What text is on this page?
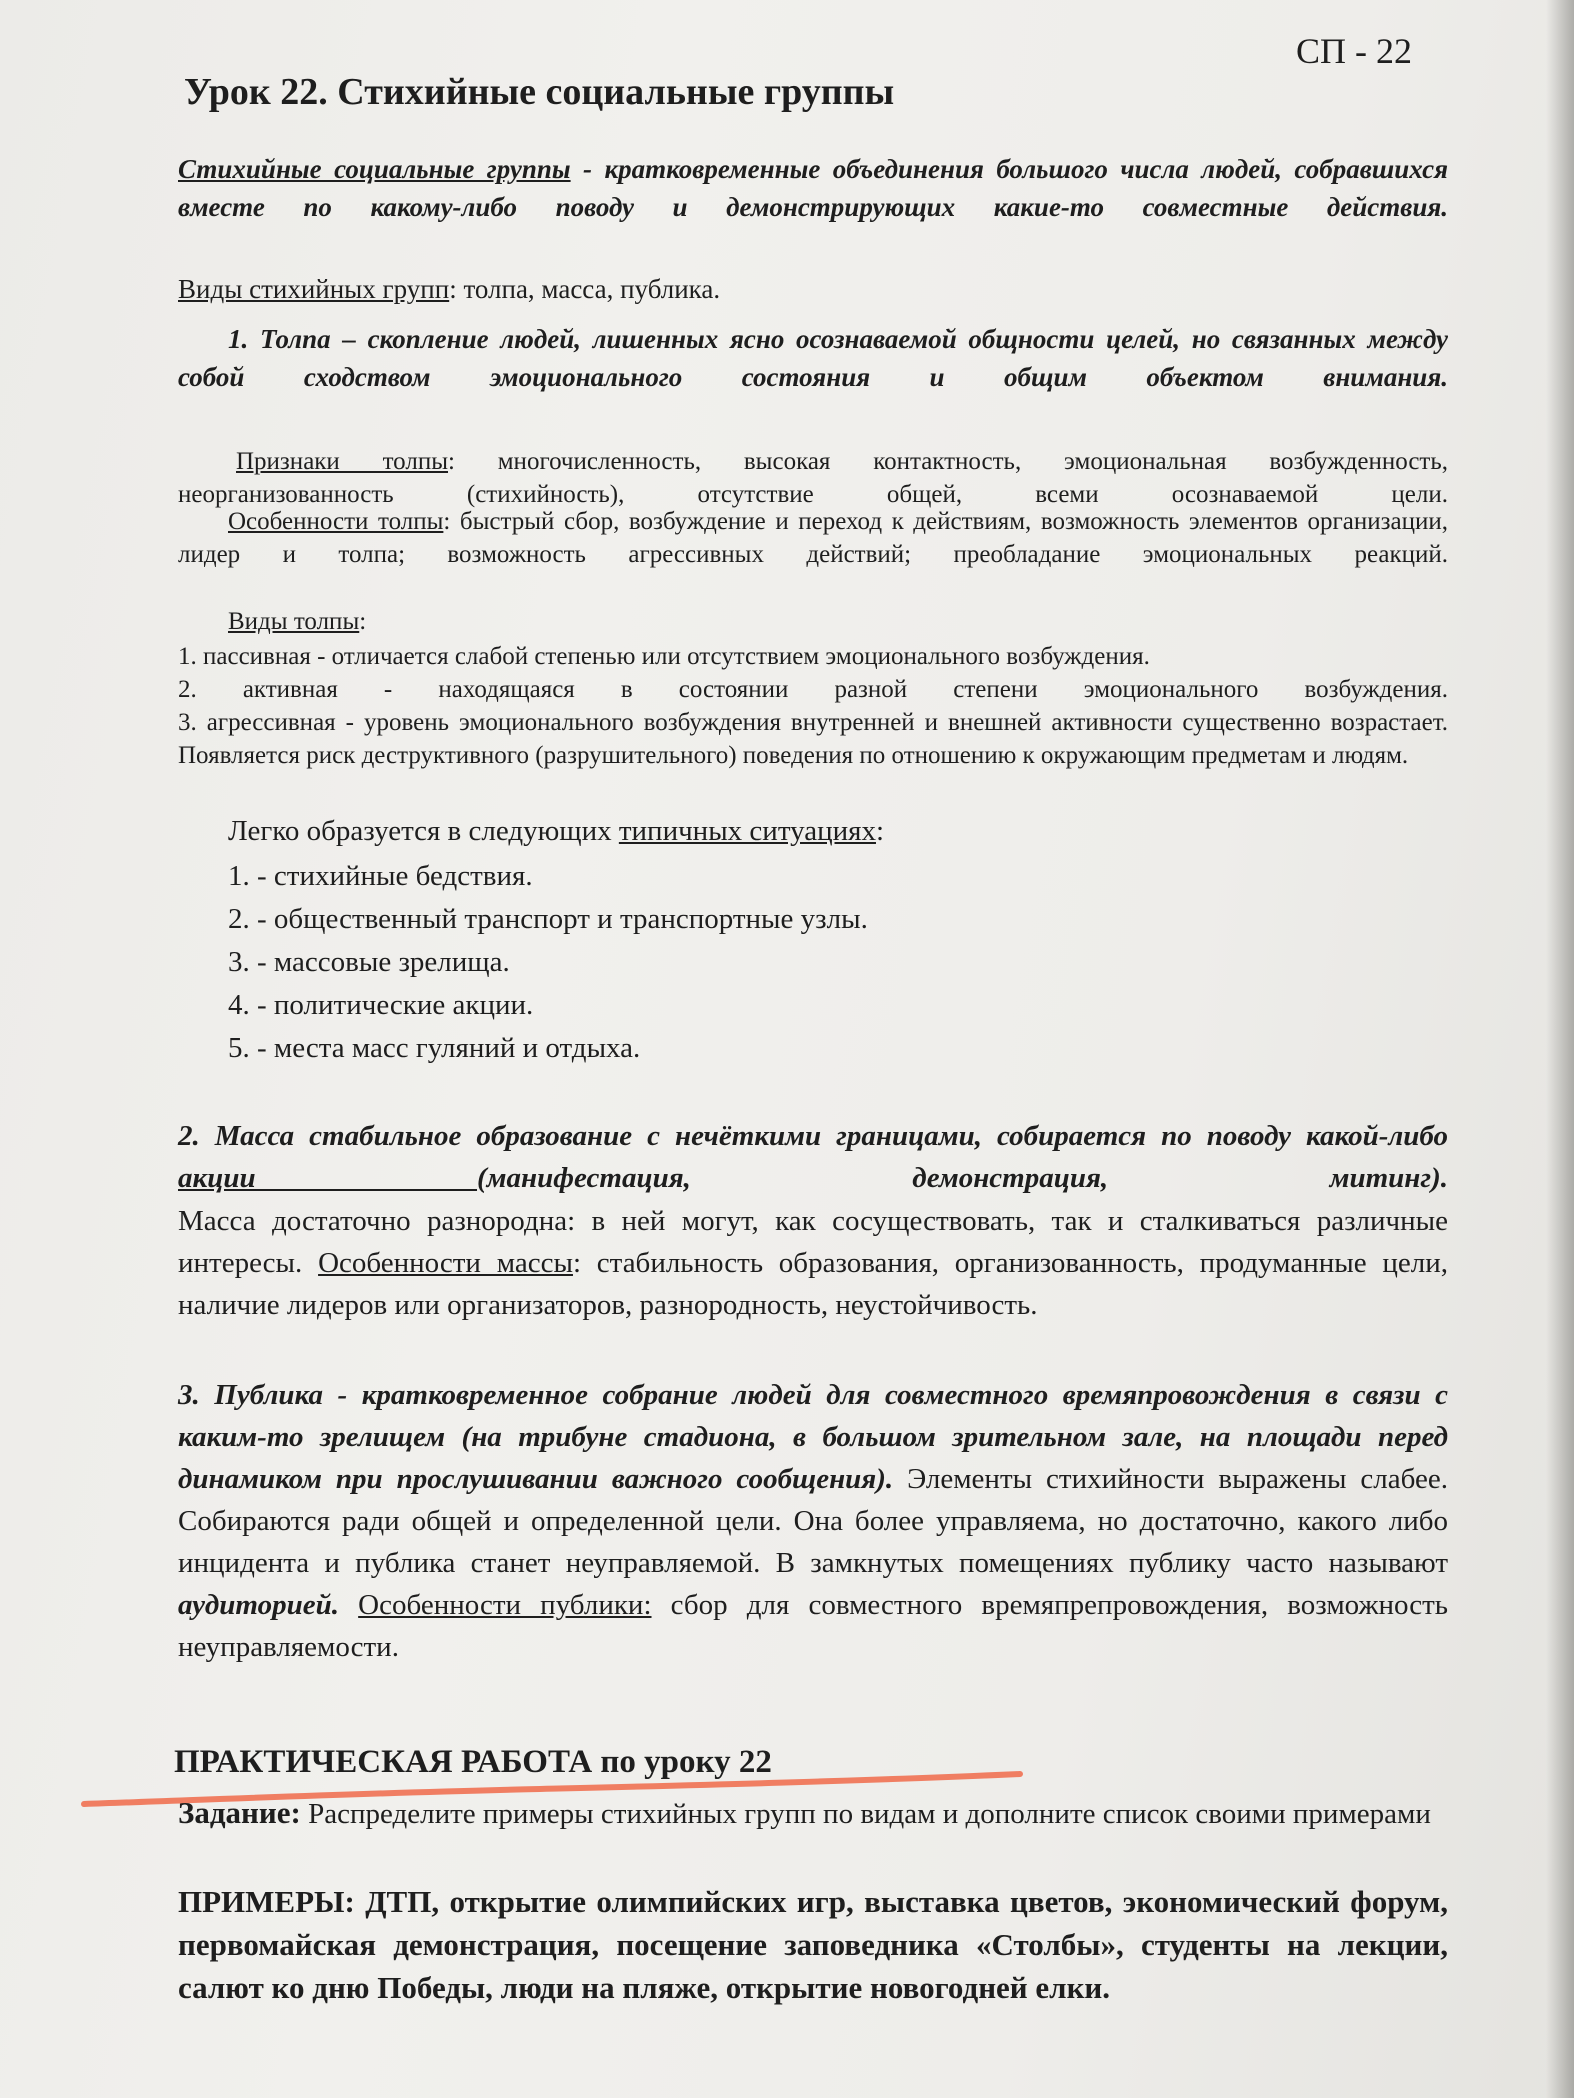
СП - 22
Урок 22. Стихийные социальные группы

Стихийные социальные группы - кратковременные объединения большого числа людей, собравшихся вместе по какому-либо поводу и демонстрирующих какие-то совместные действия.

Виды стихийных групп: толпа, масса, публика.

1. Толпа – скопление людей, лишенных ясно осознаваемой общности целей, но связанных между собой сходством эмоционального состояния и общим объектом внимания.

Признаки толпы: многочисленность, высокая контактность, эмоциональная возбужденность, неорганизованность (стихийность), отсутствие общей, всеми осознаваемой цели.

Особенности толпы: быстрый сбор, возбуждение и переход к действиям, возможность элементов организации, лидер и толпа; возможность агрессивных действий; преобладание эмоциональных реакций.

Виды толпы:

1. пассивная - отличается слабой степенью или отсутствием эмоционального возбуждения.
2. активная - находящаяся в состоянии разной степени эмоционального возбуждения.
3. агрессивная - уровень эмоционального возбуждения внутренней и внешней активности существенно возрастает. Появляется риск деструктивного (разрушительного) поведения по отношению к окружающим предметам и людям.

Легко образуется в следующих типичных ситуациях:

1. - стихийные бедствия.
2. - общественный транспорт и транспортные узлы.
3. - массовые зрелища.
4. - политические акции.
5. - места масс гуляний и отдыха.

2. Масса стабильное образование с нечёткими границами, собирается по поводу какой-либо акции (манифестация, демонстрация, митинг).

Масса достаточно разнородна: в ней могут, как сосуществовать, так и сталкиваться различные интересы. Особенности массы: стабильность образования, организованность, продуманные цели, наличие лидеров или организаторов, разнородность, неустойчивость.

3. Публика - кратковременное собрание людей для совместного времяпровождения в связи с каким-то зрелищем (на трибуне стадиона, в большом зрительном зале, на площади перед динамиком при прослушивании важного сообщения). Элементы стихийности выражены слабее. Собираются ради общей и определенной цели. Она более управляема, но достаточно, какого либо инцидента и публика станет неуправляемой. В замкнутых помещениях публику часто называют аудиторией. Особенности публики: сбор для совместного времяпрепровождения, возможность неуправляемости.

ПРАКТИЧЕСКАЯ РАБОТА по уроку 22

Задание: Распределите примеры стихийных групп по видам и дополните список своими примерами

ПРИМЕРЫ: ДТП, открытие олимпийских игр, выставка цветов, экономический форум, первомайская демонстрация, посещение заповедника «Столбы», студенты на лекции, салют ко дню Победы, люди на пляже, открытие новогодней елки.
